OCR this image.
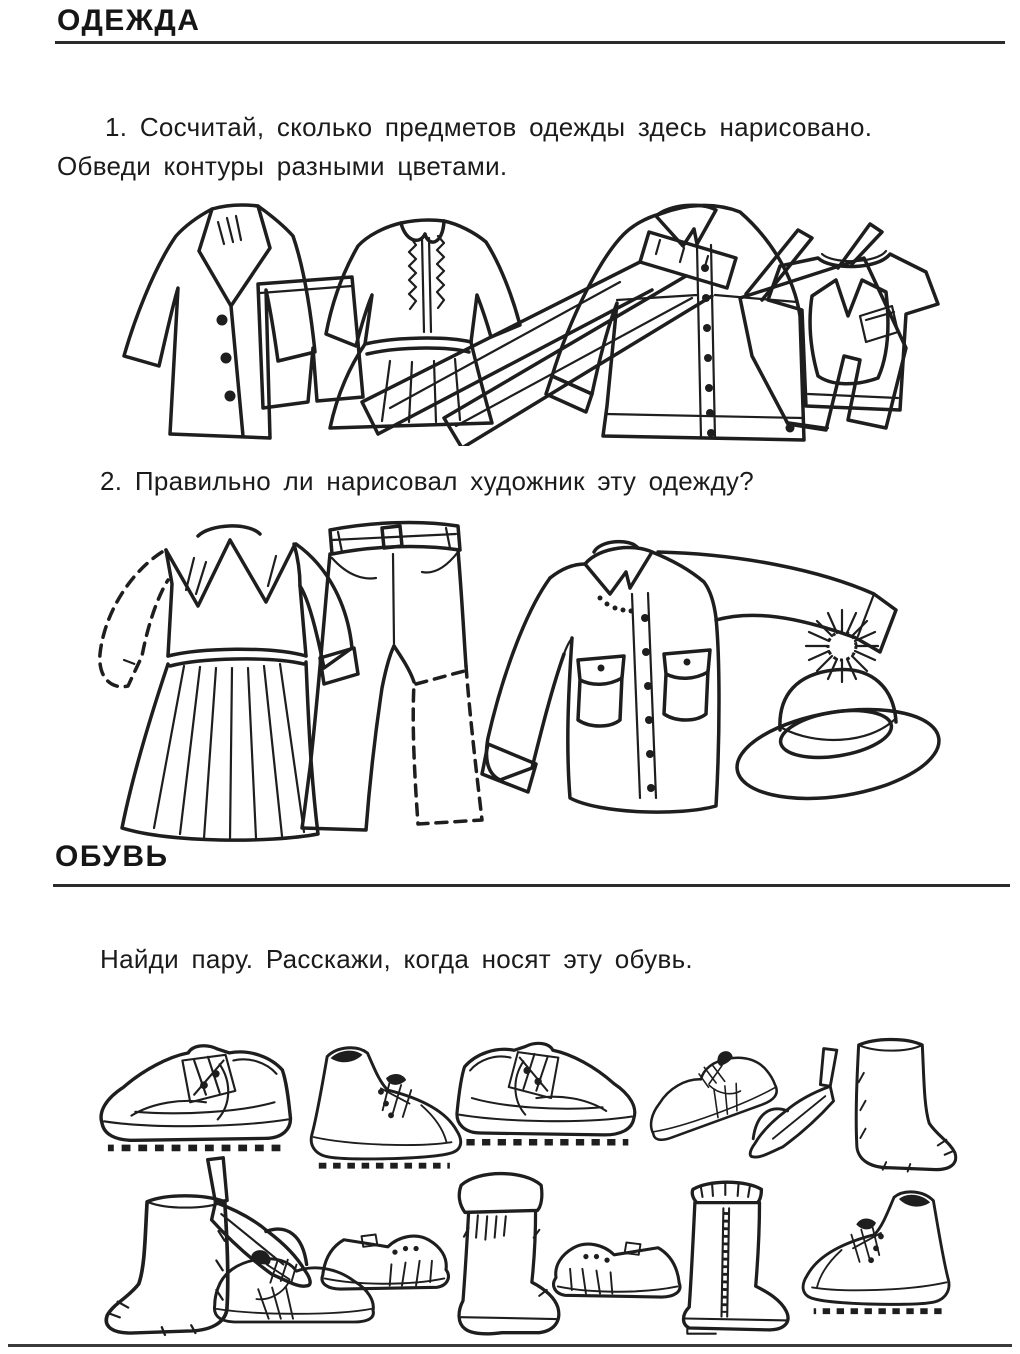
ОДЕЖДА

1. Сосчитай, сколько предметов одежды здесь нарисовано.
Обведи контуры разными цветами.

2. Правильно ли нарисовал художник эту одежду?

ОБУВЬ

Найди пару. Расскажи, когда носят эту обувь.
